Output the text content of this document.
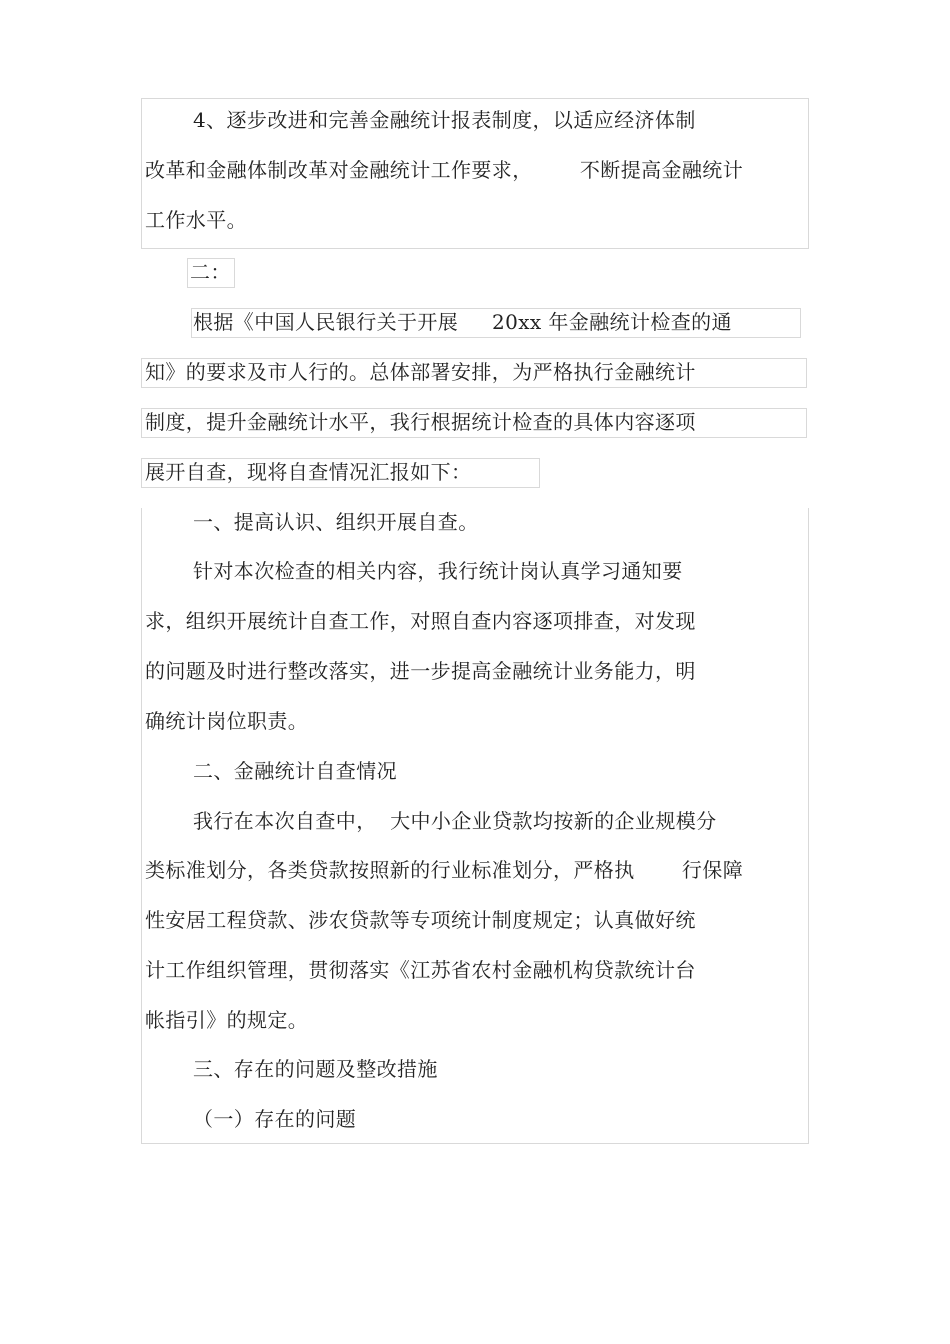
4、逐步改进和完善金融统计报表制度，以适应经济体制
改革和金融体制改革对金融统计工作要求，       不断提高金融统计
工作水平。
二：
根据《中国人民银行关于开展     20xx 年金融统计检查的通
知》的要求及市人行的。总体部署安排，为严格执行金融统计
制度，提升金融统计水平，我行根据统计检查的具体内容逐项
展开自查，现将自查情况汇报如下：
一、提高认识、组织开展自查。
针对本次检查的相关内容，我行统计岗认真学习通知要
求，组织开展统计自查工作，对照自查内容逐项排查，对发现
的问题及时进行整改落实，进一步提高金融统计业务能力，明
确统计岗位职责。
二、金融统计自查情况
我行在本次自查中，  大中小企业贷款均按新的企业规模分
类标准划分，各类贷款按照新的行业标准划分，严格执       行保障
性安居工程贷款、涉农贷款等专项统计制度规定；认真做好统
计工作组织管理，贯彻落实《江苏省农村金融机构贷款统计台
帐指引》的规定。
三、存在的问题及整改措施
（一）存在的问题
